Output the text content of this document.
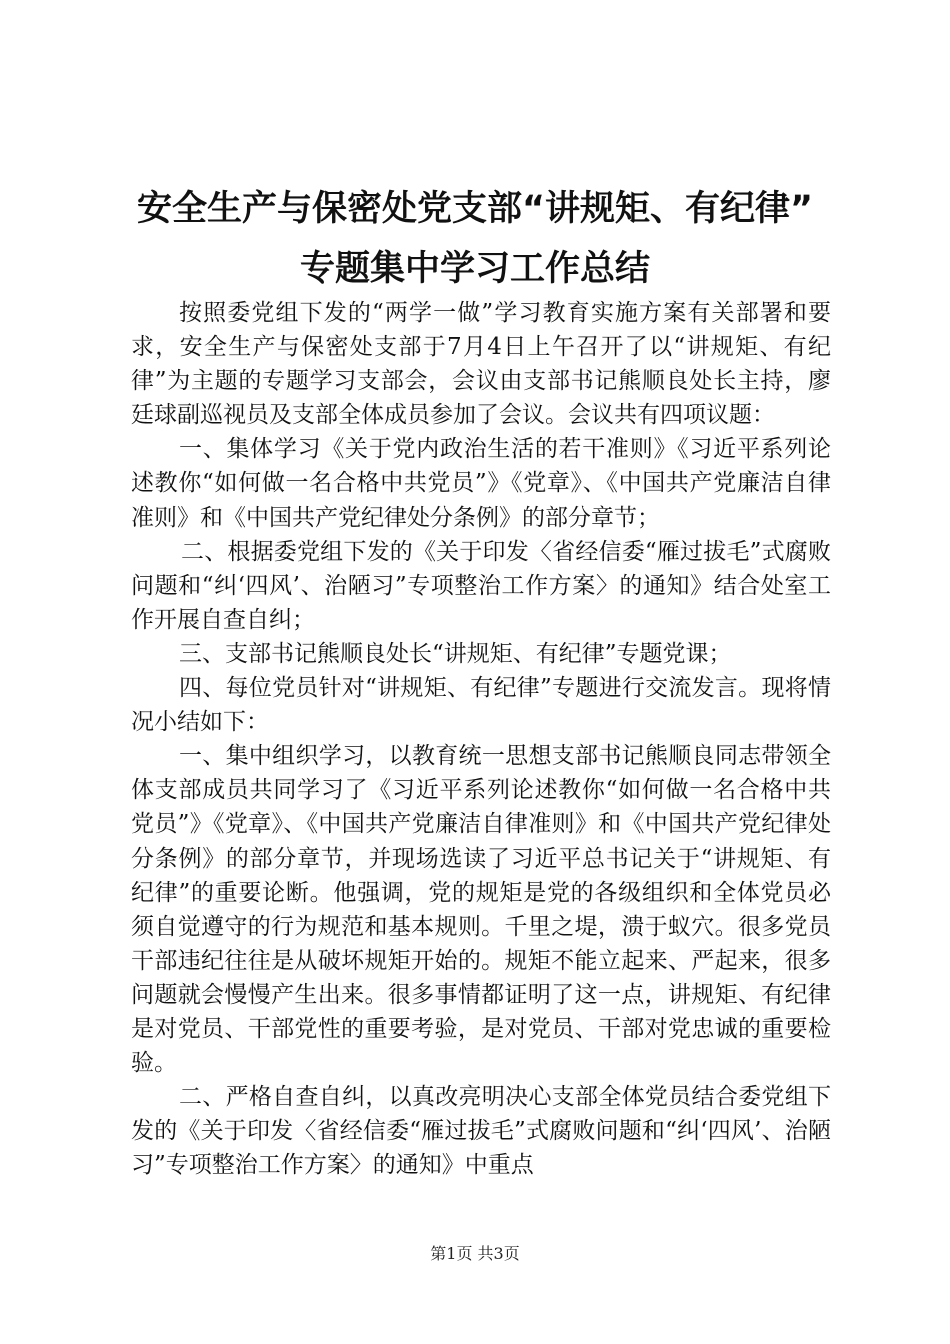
安全生产与保密处党支部“讲规矩、有纪律”
专题集中学习工作总结

按照委党组下发的“两学一做”学习教育实施方案有关部署和要求，安全生产与保密处支部于7月4日上午召开了以“讲规矩、有纪律”为主题的专题学习支部会，会议由支部书记熊顺良处长主持，廖廷球副巡视员及支部全体成员参加了会议。会议共有四项议题：

一、集体学习《关于党内政治生活的若干准则》《习近平系列论述教你“如何做一名合格中共党员”》《党章》、《中国共产党廉洁自律准则》和《中国共产党纪律处分条例》的部分章节；

二、根据委党组下发的《关于印发〈省经信委“雁过拔毛”式腐败问题和“纠‘四风’、治陋习”专项整治工作方案〉的通知》结合处室工作开展自查自纠；

三、支部书记熊顺良处长“讲规矩、有纪律”专题党课；

四、每位党员针对“讲规矩、有纪律”专题进行交流发言。现将情况小结如下：

一、集中组织学习，以教育统一思想支部书记熊顺良同志带领全体支部成员共同学习了《习近平系列论述教你“如何做一名合格中共党员”》《党章》、《中国共产党廉洁自律准则》和《中国共产党纪律处分条例》的部分章节，并现场选读了习近平总书记关于“讲规矩、有纪律”的重要论断。他强调，党的规矩是党的各级组织和全体党员必须自觉遵守的行为规范和基本规则。千里之堤，溃于蚁穴。很多党员干部违纪往往是从破坏规矩开始的。规矩不能立起来、严起来，很多问题就会慢慢产生出来。很多事情都证明了这一点，讲规矩、有纪律是对党员、干部党性的重要考验，是对党员、干部对党忠诚的重要检验。

二、严格自查自纠，以真改亮明决心支部全体党员结合委党组下发的《关于印发〈省经信委“雁过拔毛”式腐败问题和“纠‘四风’、治陋习”专项整治工作方案〉的通知》中重点

第1页 共3页
